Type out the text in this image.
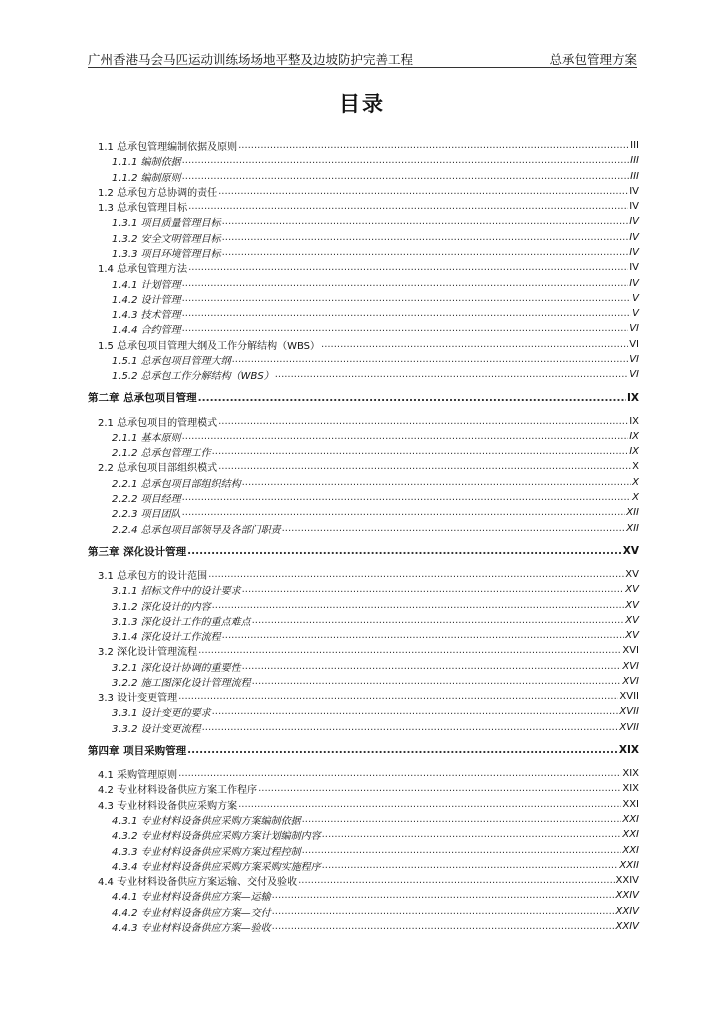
广州香港马会马匹运动训练场场地平整及边坡防护完善工程	总承包管理方案
目录
1.1 总承包管理编制依据及原则 .....	III
1.1.1 编制依据 .....	III
1.1.2 编制原则 .....	III
1.2 总承包方总协调的责任 .....	IV
1.3 总承包管理目标 .....	IV
1.3.1 项目质量管理目标 .....	IV
1.3.2 安全文明管理目标 .....	IV
1.3.3 项目环境管理目标 .....	IV
1.4 总承包管理方法 .....	IV
1.4.1 计划管理 .....	IV
1.4.2 设计管理 .....	V
1.4.3 技术管理 .....	V
1.4.4 合约管理 .....	VI
1.5 总承包项目管理大纲及工作分解结构（WBS） .....	VI
1.5.1 总承包项目管理大纲 .....	VI
1.5.2 总承包工作分解结构（WBS） .....	VI
第二章 总承包项目管理 .....	IX
2.1 总承包项目的管理模式 .....	IX
2.1.1 基本原则 .....	IX
2.1.2 总承包管理工作 .....	IX
2.2 总承包项目部组织模式 .....	X
2.2.1 总承包项目部组织结构 .....	X
2.2.2 项目经理 .....	X
2.2.3 项目团队 .....	XII
2.2.4 总承包项目部领导及各部门职责 .....	XII
第三章 深化设计管理 .....	XV
3.1 总承包方的设计范围 .....	XV
3.1.1 招标文件中的设计要求 .....	XV
3.1.2 深化设计的内容 .....	XV
3.1.3 深化设计工作的重点难点 .....	XV
3.1.4 深化设计工作流程 .....	XV
3.2 深化设计管理流程 .....	XVI
3.2.1 深化设计协调的重要性 .....	XVI
3.2.2 施工图深化设计管理流程 .....	XVI
3.3 设计变更管理 .....	XVII
3.3.1 设计变更的要求 .....	XVII
3.3.2 设计变更流程 .....	XVII
第四章 项目采购管理 .....	XIX
4.1 采购管理原则 .....	XIX
4.2 专业材料设备供应方案工作程序 .....	XIX
4.3 专业材料设备供应采购方案 .....	XXI
4.3.1 专业材料设备供应采购方案编制依据 .....	XXI
4.3.2 专业材料设备供应采购方案计划编制内容 .....	XXI
4.3.3 专业材料设备供应采购方案过程控制 .....	XXI
4.3.4 专业材料设备供应采购方案采购实施程序 .....	XXII
4.4 专业材料设备供应方案运输、交付及验收 .....	XXIV
4.4.1 专业材料设备供应方案—运输 .....	XXIV
4.4.2 专业材料设备供应方案—交付 .....	XXIV
4.4.3 专业材料设备供应方案—验收 .....	XXIV
